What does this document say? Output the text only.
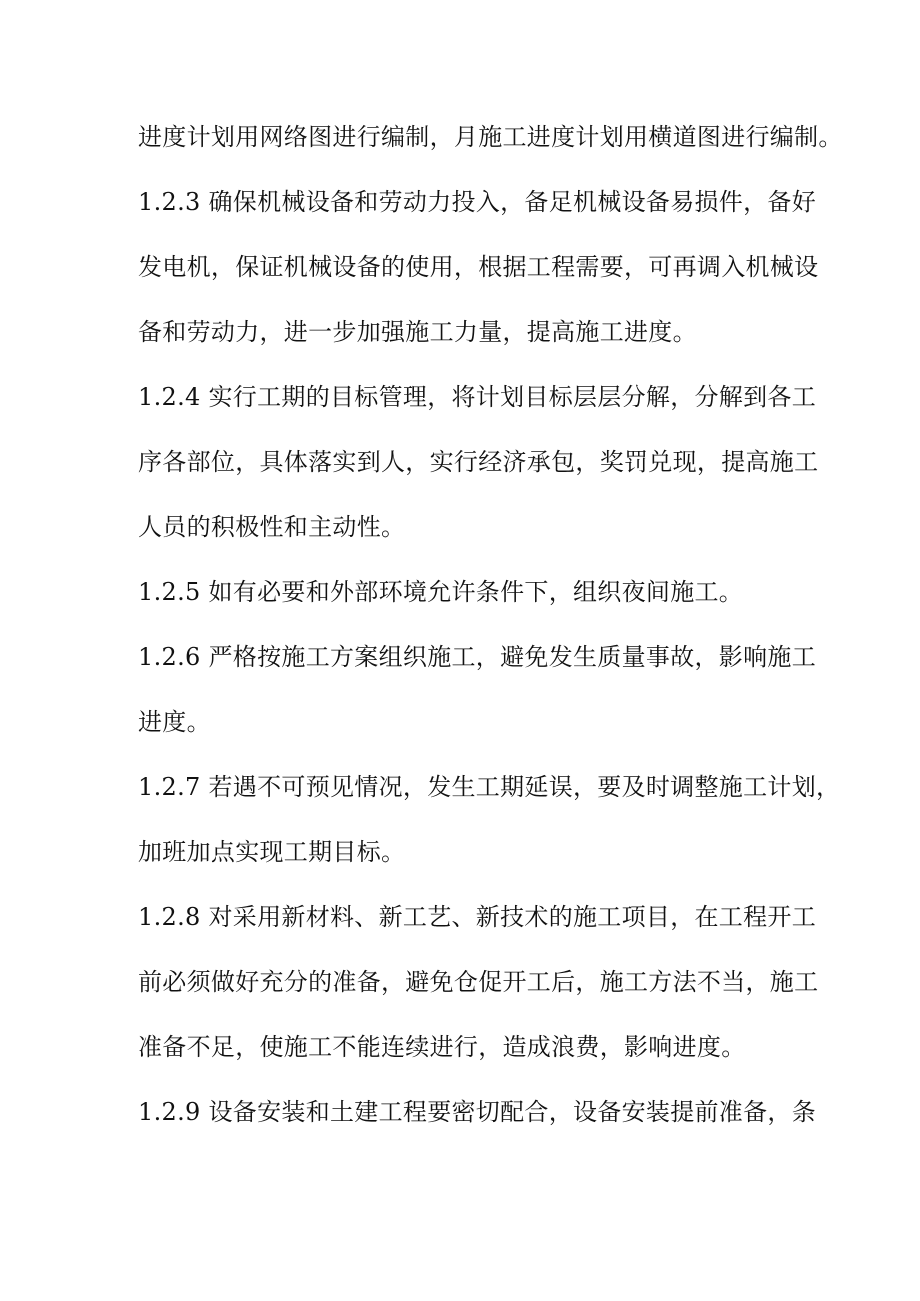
进度计划用网络图进行编制，月施工进度计划用横道图进行编制。
1.2.3 确保机械设备和劳动力投入，备足机械设备易损件，备好
发电机，保证机械设备的使用，根据工程需要，可再调入机械设
备和劳动力，进一步加强施工力量，提高施工进度。
1.2.4 实行工期的目标管理，将计划目标层层分解，分解到各工
序各部位，具体落实到人，实行经济承包，奖罚兑现，提高施工
人员的积极性和主动性。
1.2.5 如有必要和外部环境允许条件下，组织夜间施工。
1.2.6 严格按施工方案组织施工，避免发生质量事故，影响施工
进度。
1.2.7 若遇不可预见情况，发生工期延误，要及时调整施工计划，
加班加点实现工期目标。
1.2.8 对采用新材料、新工艺、新技术的施工项目，在工程开工
前必须做好充分的准备，避免仓促开工后，施工方法不当，施工
准备不足，使施工不能连续进行，造成浪费，影响进度。
1.2.9 设备安装和土建工程要密切配合，设备安装提前准备，条
